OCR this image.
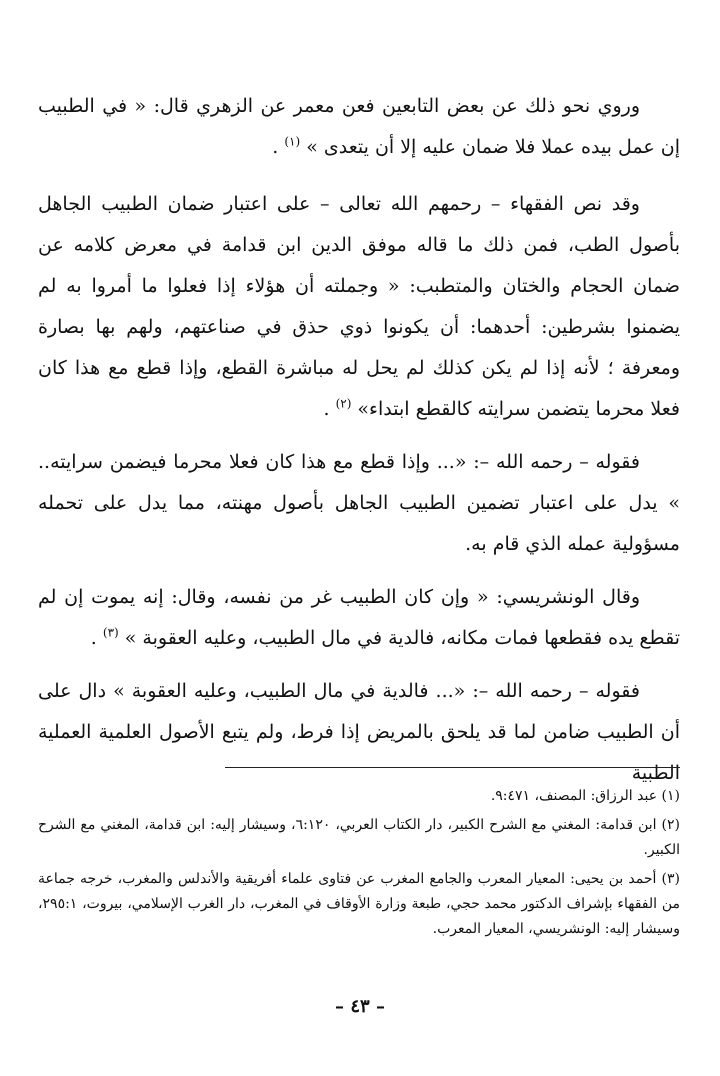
وروي نحو ذلك عن بعض التابعين فعن معمر عن الزهري قال: « في الطبيب إن عمل بيده عملا فلا ضمان عليه إلا أن يتعدى » $^{(١)}$ .

وقد نص الفقهاء – رحمهم الله تعالى – على اعتبار ضمان الطبيب الجاهل بأصول الطب، فمن ذلك ما قاله موفق الدين ابن قدامة في معرض كلامه عن ضمان الحجام والختان والمتطبب: « وجملته أن هؤلاء إذا فعلوا ما أمروا به لم يضمنوا بشرطين: أحدهما: أن يكونوا ذوي حذق في صناعتهم، ولهم بها بصارة ومعرفة ؛ لأنه إذا لم يكن كذلك لم يحل له مباشرة القطع، وإذا قطع مع هذا كان فعلا محرما يتضمن سرايته كالقطع ابتداء» $^{(٢)}$ .

فقوله – رحمه الله –: «... وإذا قطع مع هذا كان فعلا محرما فيضمن سرايته.. » يدل على اعتبار تضمين الطبيب الجاهل بأصول مهنته، مما يدل على تحمله مسؤولية عمله الذي قام به.

وقال الونشريسي: « وإن كان الطبيب غر من نفسه، وقال: إنه يموت إن لم تقطع يده فقطعها فمات مكانه، فالدية في مال الطبيب، وعليه العقوبة » $^{(٣)}$ .

فقوله – رحمه الله –: «... فالدية في مال الطبيب، وعليه العقوبة » دال على أن الطبيب ضامن لما قد يلحق بالمريض إذا فرط، ولم يتبع الأصول العلمية العملية الطبية

(١) عبد الرزاق: المصنف، ٩:٤٧١.

(٢) ابن قدامة: المغني مع الشرح الكبير، دار الكتاب العربي، ٦:١٢٠، وسيشار إليه: ابن قدامة، المغني مع الشرح الكبير.

(٣) أحمد بن يحيى: المعيار المعرب والجامع المغرب عن فتاوى علماء أفريقية والأندلس والمغرب، خرجه جماعة من الفقهاء بإشراف الدكتور محمد حجي، طبعة وزارة الأوقاف في المغرب، دار الغرب الإسلامي، بيروت، ٢٩٥:١، وسيشار إليه: الونشريسي، المعيار المعرب.

– ٤٣ –
